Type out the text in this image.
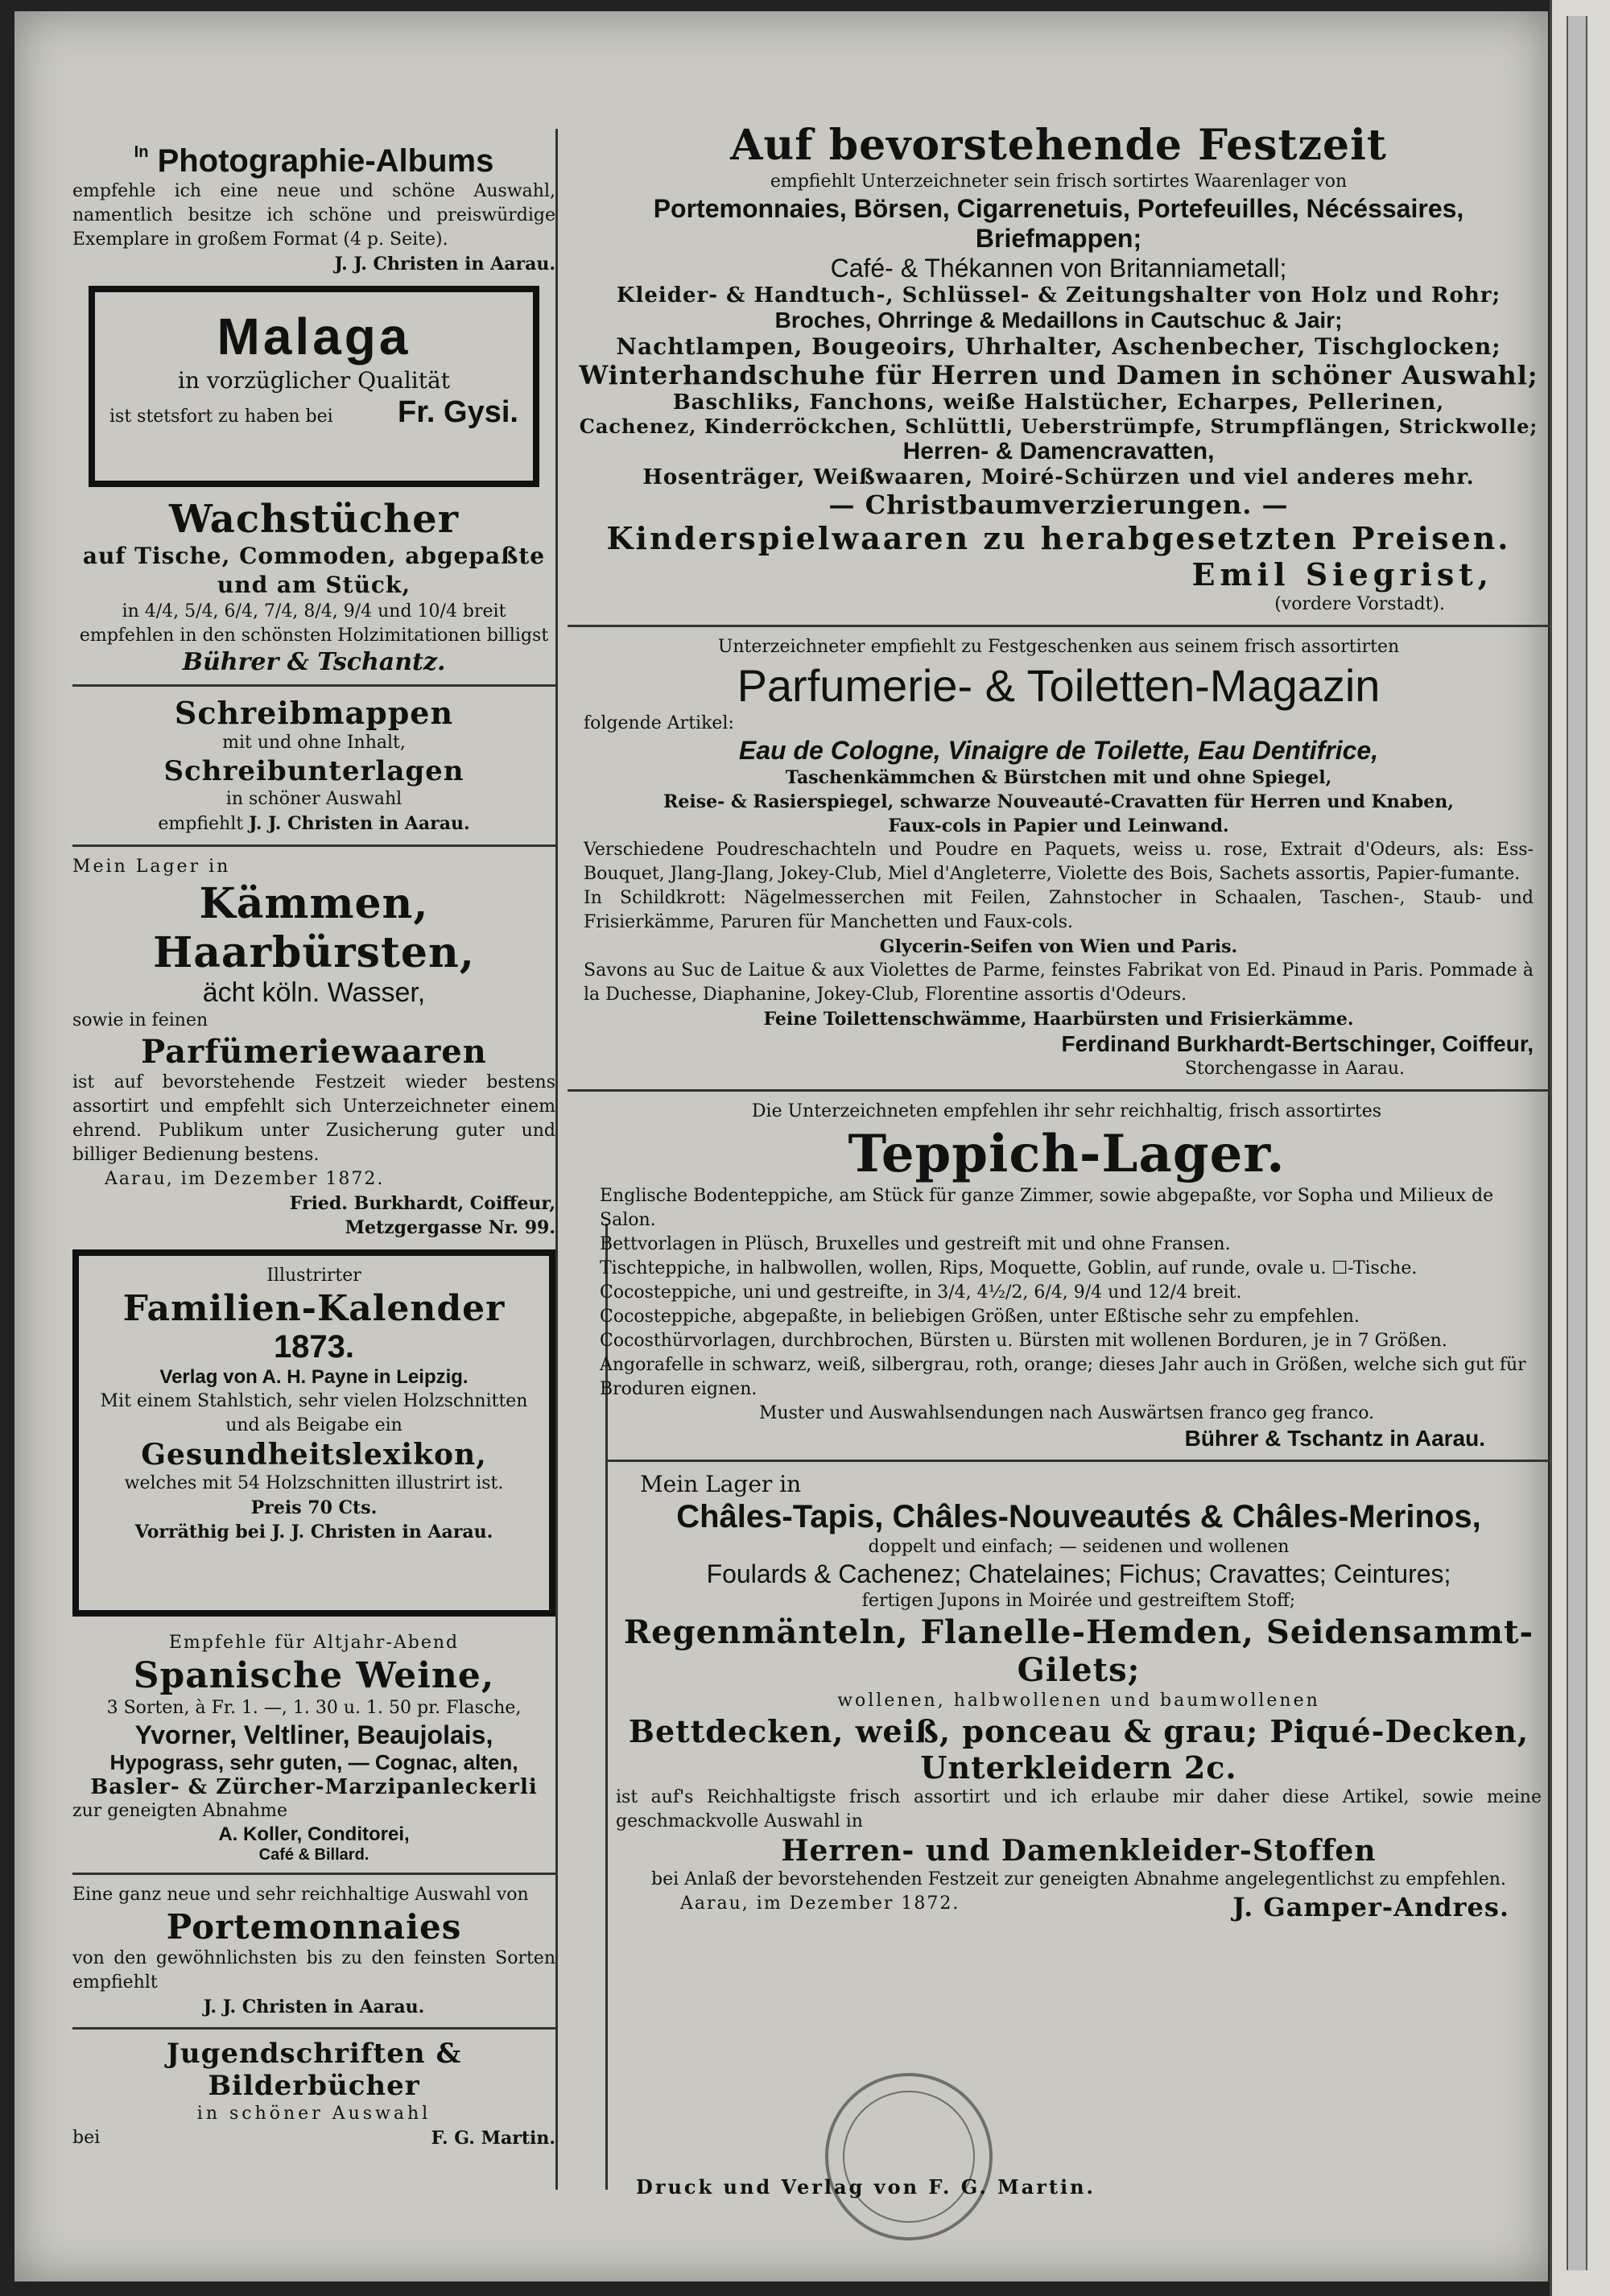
$^{In}$ Photographie-Albums
empfehle ich eine neue und schöne Auswahl, namentlich besitze ich schöne und preiswürdige Exemplare in großem Format (4 p. Seite).
J. J. Christen in Aarau.
Malaga
in vorzüglicher Qualität
ist stetsfort zu haben bei Fr. Gysi.
Wachstücher
auf Tische, Commoden, abgepaßte und am Stück,
in 4/4, 5/4, 6/4, 7/4, 8/4, 9/4 und 10/4 breit
empfehlen in den schönsten Holzimitationen billigst
Bührer & Tschantz.
Schreibmappen
mit und ohne Inhalt,
Schreibunterlagen
in schöner Auswahl
empfiehlt J. J. Christen in Aarau.
Mein Lager in
Kämmen, Haarbürsten,
ächt köln. Wasser,
sowie in feinen
Parfümeriewaaren
ist auf bevorstehende Festzeit wieder bestens assortirt und empfehlt sich Unterzeichneter einem ehrend. Publikum unter Zusicherung guter und billiger Bedienung bestens.
Aarau, im Dezember 1872.
Fried. Burkhardt, Coiffeur,
Metzgergasse Nr. 99.
Illustrirter
Familien-Kalender
1873.
Verlag von A. H. Payne in Leipzig.
Mit einem Stahlstich, sehr vielen Holzschnitten und als Beigabe ein
Gesundheitslexikon,
welches mit 54 Holzschnitten illustrirt ist.
Preis 70 Cts.
Vorräthig bei J. J. Christen in Aarau.
Empfehle für Altjahr-Abend
Spanische Weine,
3 Sorten, à Fr. 1. —, 1. 30 u. 1. 50 pr. Flasche,
Yvorner, Veltliner, Beaujolais,
Hypograss, sehr guten, — Cognac, alten,
Basler- & Zürcher-Marzipanleckerli
zur geneigten Abnahme
A. Koller, Conditorei,
Café & Billard.
Eine ganz neue und sehr reichhaltige Auswahl von
Portemonnaies
von den gewöhnlichsten bis zu den feinsten Sorten empfiehlt
J. J. Christen in Aarau.
Jugendschriften & Bilderbücher
in schöner Auswahl
bei	F. G. Martin.
Auf bevorstehende Festzeit
empfiehlt Unterzeichneter sein frisch sortirtes Waarenlager von
Portemonnaies, Börsen, Cigarrenetuis, Portefeuilles, Nécéssaires,
Briefmappen;
Café- & Thékannen von Britanniametall;
Kleider- & Handtuch-, Schlüssel- & Zeitungshalter von Holz und Rohr;
Broches, Ohrringe & Medaillons in Cautschuc & Jair;
Nachtlampen, Bougeoirs, Uhrhalter, Aschenbecher, Tischglocken;
Winterhandschuhe für Herren und Damen in schöner Auswahl;
Baschliks, Fanchons, weiße Halstücher, Echarpes, Pellerinen,
Cachenez, Kinderröckchen, Schlüttli, Ueberstrümpfe, Strumpflängen, Strickwolle;
Herren- & Damencravatten,
Hosenträger, Weißwaaren, Moiré-Schürzen und viel anderes mehr.
— Christbaumverzierungen. —
Kinderspielwaaren zu herabgesetzten Preisen.
Emil Siegrist,
(vordere Vorstadt).
Unterzeichneter empfiehlt zu Festgeschenken aus seinem frisch assortirten
Parfumerie- & Toiletten-Magazin
folgende Artikel:
Eau de Cologne, Vinaigre de Toilette, Eau Dentifrice,
Taschenkämmchen & Bürstchen mit und ohne Spiegel,
Reise- & Rasierspiegel, schwarze Nouveauté-Cravatten für Herren und Knaben,
Faux-cols in Papier und Leinwand.
Verschiedene Poudreschachteln und Poudre en Paquets, weiss u. rose, Extrait d'Odeurs, als: Ess-Bouquet, Jlang-Jlang, Jokey-Club, Miel d'Angleterre, Violette des Bois, Sachets assortis, Papier-fumante.
In Schildkrott: Nägelmesserchen mit Feilen, Zahnstocher in Schaalen, Taschen-, Staub- und Frisierkämme, Paruren für Manchetten und Faux-cols.
Glycerin-Seifen von Wien und Paris.
Savons au Suc de Laitue & aux Violettes de Parme, feinstes Fabrikat von Ed. Pinaud in Paris. Pommade à la Duchesse, Diaphanine, Jokey-Club, Florentine assortis d'Odeurs.
Feine Toilettenschwämme, Haarbürsten und Frisierkämme.
Ferdinand Burkhardt-Bertschinger, Coiffeur,
Storchengasse in Aarau.
Die Unterzeichneten empfehlen ihr sehr reichhaltig, frisch assortirtes
Teppich-Lager.
Englische Bodenteppiche, am Stück für ganze Zimmer, sowie abgepaßte, vor Sopha und Milieux de Salon.
Bettvorlagen in Plüsch, Bruxelles und gestreift mit und ohne Fransen.
Tischteppiche, in halbwollen, wollen, Rips, Moquette, Goblin, auf runde, ovale u. ☐-Tische.
Cocosteppiche, uni und gestreifte, in 3/4, 4½/2, 6/4, 9/4 und 12/4 breit.
Cocosteppiche, abgepaßte, in beliebigen Größen, unter Eßtische sehr zu empfehlen.
Cocosthürvorlagen, durchbrochen, Bürsten u. Bürsten mit wollenen Borduren, je in 7 Größen.
Angorafelle in schwarz, weiß, silbergrau, roth, orange; dieses Jahr auch in Größen, welche sich gut für Broduren eignen.
Muster und Auswahlsendungen nach Auswärtsen franco geg franco.
Bührer & Tschantz in Aarau.
Mein Lager in
Châles-Tapis, Châles-Nouveautés & Châles-Merinos,
doppelt und einfach; — seidenen und wollenen
Foulards & Cachenez; Chatelaines; Fichus; Cravattes; Ceintures;
fertigen Jupons in Moirée und gestreiftem Stoff;
Regenmänteln, Flanelle-Hemden, Seidensammt-Gilets;
wollenen, halbwollenen und baumwollenen
Bettdecken, weiß, ponceau & grau; Piqué-Decken, Unterkleidern 2c.
ist auf's Reichhaltigste frisch assortirt und ich erlaube mir daher diese Artikel, sowie meine geschmackvolle Auswahl in
Herren- und Damenkleider-Stoffen
bei Anlaß der bevorstehenden Festzeit zur geneigten Abnahme angelegentlichst zu empfehlen.
Aarau, im Dezember 1872.	J. Gamper-Andres.
Druck und Verlag von F. G. Martin.
